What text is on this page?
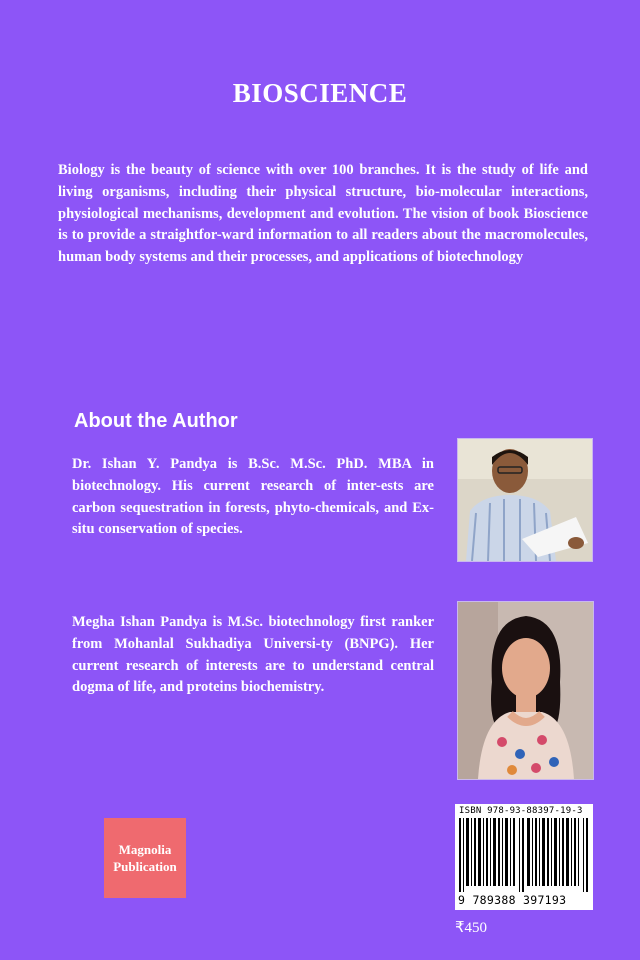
BIOSCIENCE
Biology is the beauty of science with over 100 branches. It is the study of life and living organisms, including their physical structure, bio-molecular interactions, physiological mechanisms, development and evolution. The vision of book Bioscience is to provide a straightfor-ward information to all readers about the macromolecules, human body systems and their processes, and applications of biotechnology
About the Author
Dr. Ishan Y. Pandya is B.Sc. M.Sc. PhD. MBA in biotechnology. His current research of inter-ests are carbon sequestration in forests, phyto-chemicals, and Ex-situ conservation of species.
Megha Ishan Pandya is M.Sc. biotechnology first ranker from Mohanlal Sukhadiya Universi-ty (BNPG). Her current research of interests are to understand central dogma of life, and proteins biochemistry.
Magnolia
Publication
ISBN 978-93-88397-19-3
9 789388 397193
₹450
